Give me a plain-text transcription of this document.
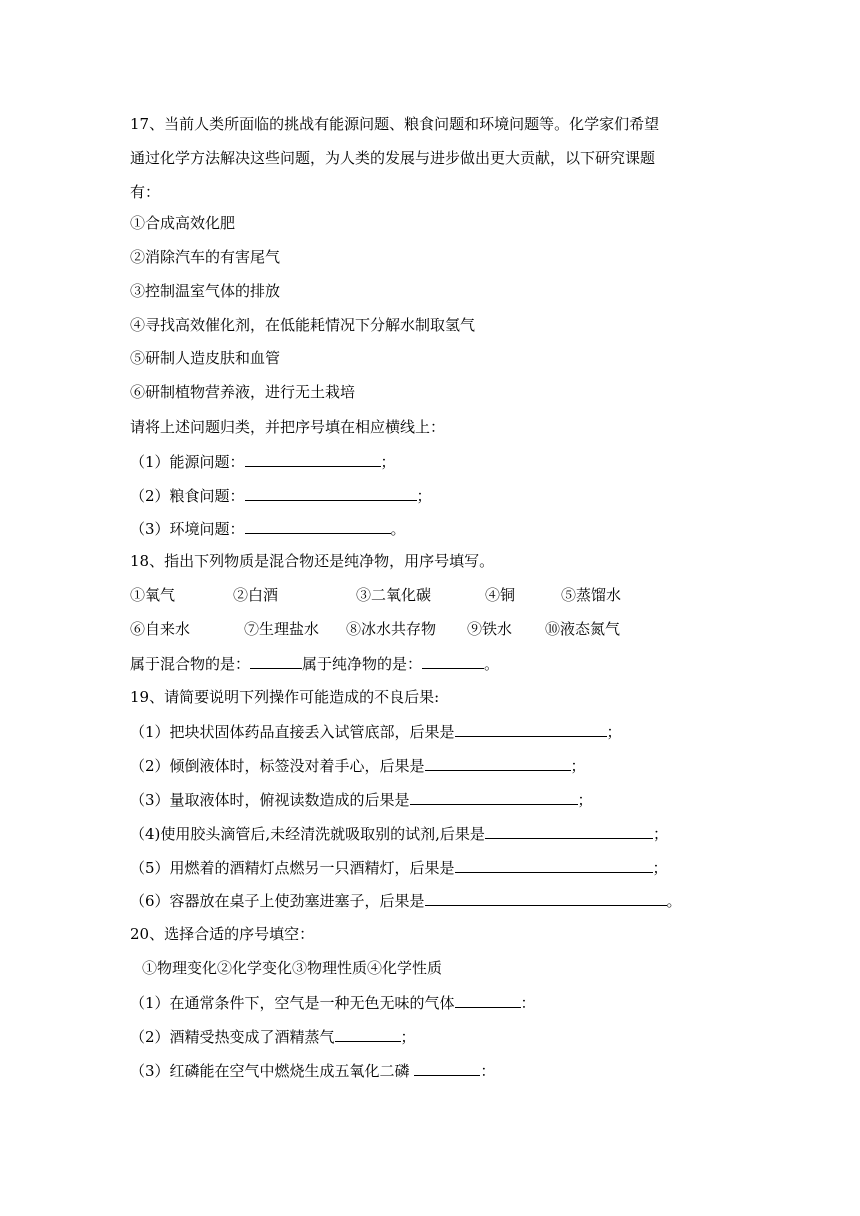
17、当前人类所面临的挑战有能源问题、粮食问题和环境问题等。化学家们希望
通过化学方法解决这些问题，为人类的发展与进步做出更大贡献，以下研究课题
有：
①合成高效化肥
②消除汽车的有害尾气
③控制温室气体的排放
④寻找高效催化剂，在低能耗情况下分解水制取氢气
⑤研制人造皮肤和血管
⑥研制植物营养液，进行无土栽培
请将上述问题归类，并把序号填在相应横线上：
（1）能源问题：	；
（2）粮食问题：	；
（3）环境问题：	。
18、指出下列物质是混合物还是纯净物，用序号填写。
①氧气	②白酒	③二氧化碳	④铜	⑤蒸馏水
⑥自来水	⑦生理盐水 ⑧冰水共存物 ⑨铁水 ⑩液态氮气
属于混合物的是：	属于纯净物的是：	。
19、请简要说明下列操作可能造成的不良后果:
（1）把块状固体药品直接丢入试管底部，后果是	；
（2）倾倒液体时，标签没对着手心，后果是	；
（3）量取液体时，俯视读数造成的后果是	；
（4)使用胶头滴管后,未经清洗就吸取别的试剂,后果是	；
（5）用燃着的酒精灯点燃另一只酒精灯，后果是	；
（6）容器放在桌子上使劲塞进塞子，后果是	。
20、选择合适的序号填空：
①物理变化②化学变化③物理性质④化学性质
（1）在通常条件下，空气是一种无色无味的气体	：
（2）酒精受热变成了酒精蒸气	；
（3）红磷能在空气中燃烧生成五氧化二磷	：
